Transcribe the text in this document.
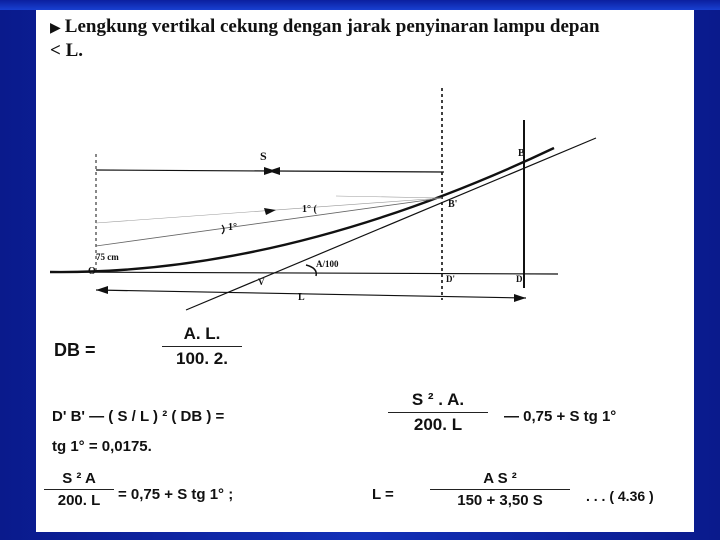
▶ Lengkung vertikal cekung dengan jarak penyinaran lampu depan
< L.
S	B
B'
1°
1° (
75 cm
O
A/100
V	D'	D
L
DB =
A. L.
100. 2.
D' B' — ( S / L ) ² ( DB ) =
S ² . A.
200. L	— 0,75 + S tg 1°
tg 1° = 0,0175.
S ² A
200. L	= 0,75 + S tg 1° ;	L =
A S ²
150 + 3,50 S	. . . ( 4.36 )
